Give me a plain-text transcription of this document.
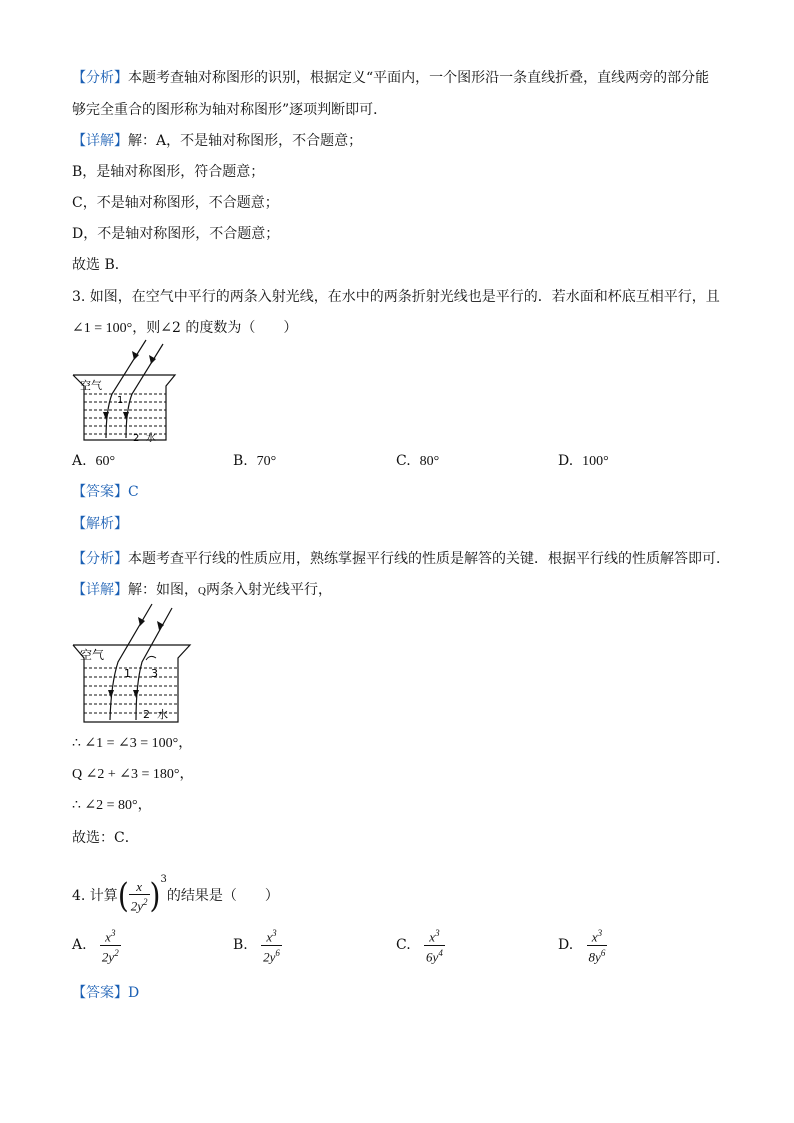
【分析】本题考查轴对称图形的识别，根据定义“平面内，一个图形沿一条直线折叠，直线两旁的部分能
够完全重合的图形称为轴对称图形”逐项判断即可．
【详解】解：A，不是轴对称图形，不合题意；
B，是轴对称图形，符合题意；
C，不是轴对称图形，不合题意；
D，不是轴对称图形，不合题意；
故选 B．
3. 如图，在空气中平行的两条入射光线，在水中的两条折射光线也是平行的．若水面和杯底互相平行，且
∠1 = 100°，则∠2 的度数为（　　）
空气
1
2 水
A. 60°	B. 70°	C. 80°	D. 100°
【答案】C
【解析】
【分析】本题考查平行线的性质应用，熟练掌握平行线的性质是解答的关键．根据平行线的性质解答即可．
【详解】解：如图，Q两条入射光线平行，
空气
1 3
2 水
∴ ∠1 = ∠3 = 100°，
Q ∠2 + ∠3 = 180°，
∴ ∠2 = 80°，
故选：C．
4. 计算( $\frac{x}{2y^2} )^3$的结果是（　　）
A. $\frac{x^3}{2y^2}$	B. $\frac{x^3}{2y^6}$	C. $\frac{x^3}{6y^4}$	D. $\frac{x^3}{8y^6}$
【答案】D
